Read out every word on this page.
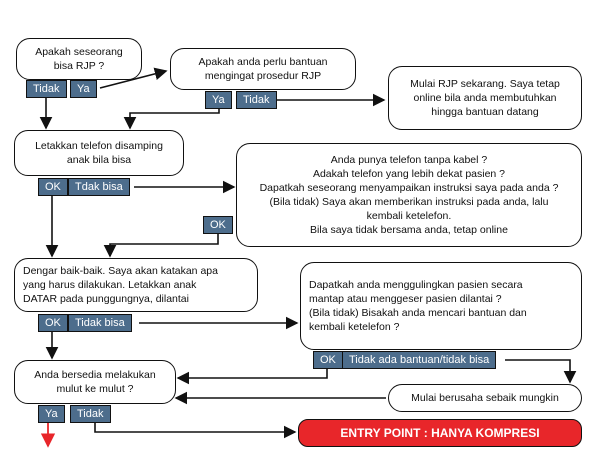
Apakah seseorang
bisa RJP ?
Tidak	Ya
Apakah anda perlu bantuan
mengingat prosedur RJP
Ya	Tidak
Mulai RJP sekarang. Saya tetap
online bila anda membutuhkan
hingga bantuan datang
Letakkan telefon disamping
anak bila bisa
OK	Tdak bisa
Anda punya telefon tanpa kabel ?
Adakah telefon yang lebih dekat pasien ?
Dapatkah seseorang menyampaikan instruksi saya pada anda ?
(Bila tidak) Saya akan memberikan instruksi pada anda, lalu
kembali ketelefon.
Bila saya tidak bersama anda, tetap online
OK
Dengar baik-baik. Saya akan katakan apa
yang harus dilakukan. Letakkan anak
DATAR pada punggungnya, dilantai
OK	Tidak bisa
Dapatkah anda menggulingkan pasien secara
mantap atau menggeser pasien dilantai ?
(Bila tidak) Bisakah anda mencari bantuan dan
kembali ketelefon ?
OK	Tidak ada bantuan/tidak bisa
Anda bersedia melakukan
mulut ke mulut ?
Ya	Tidak
Mulai berusaha sebaik mungkin
ENTRY POINT : HANYA KOMPRESI
